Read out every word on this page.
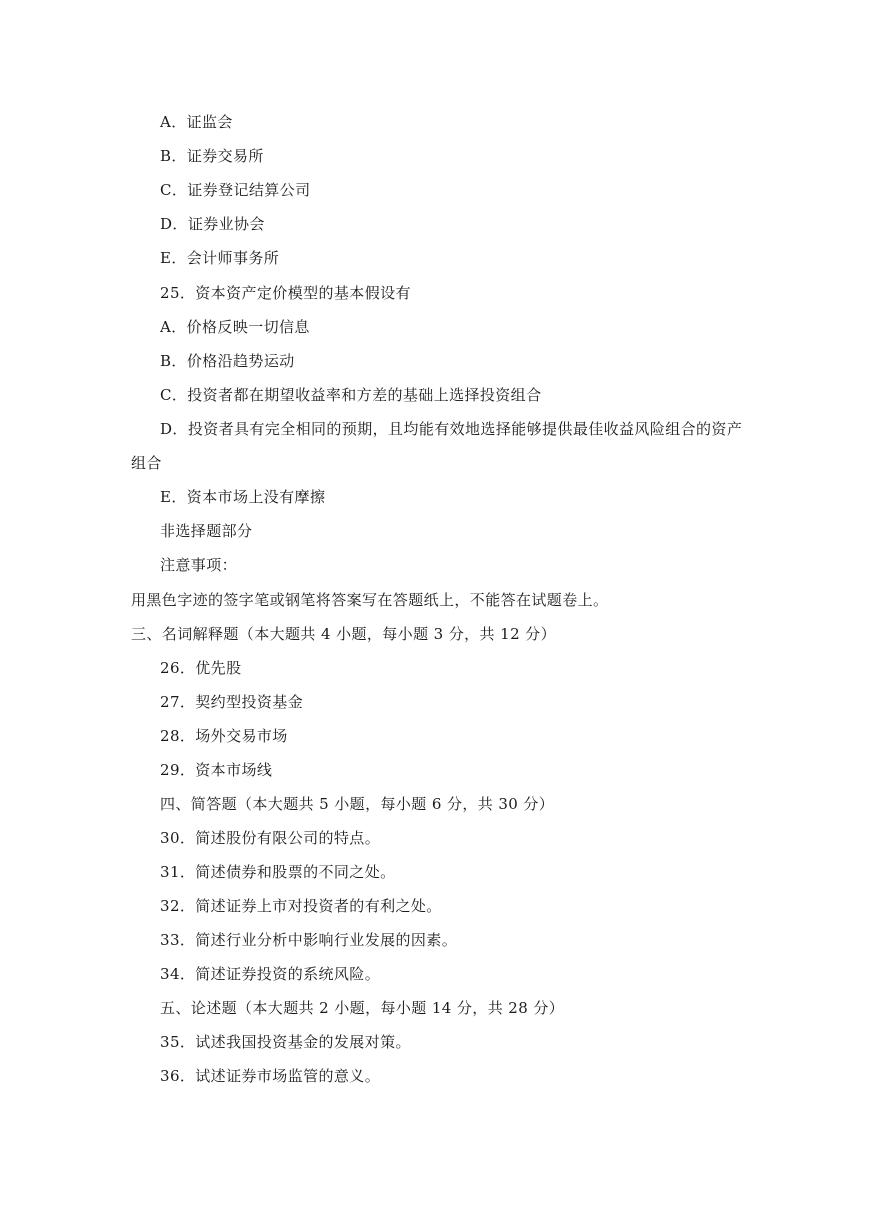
A．证监会
B．证券交易所
C．证券登记结算公司
D．证券业协会
E．会计师事务所
25．资本资产定价模型的基本假设有
A．价格反映一切信息
B．价格沿趋势运动
C．投资者都在期望收益率和方差的基础上选择投资组合
D．投资者具有完全相同的预期，且均能有效地选择能够提供最佳收益风险组合的资产
组合
E．资本市场上没有摩擦
非选择题部分
注意事项：
用黑色字迹的签字笔或钢笔将答案写在答题纸上，不能答在试题卷上。
三、名词解释题（本大题共 4 小题，每小题 3 分，共 12 分）
26．优先股
27．契约型投资基金
28．场外交易市场
29．资本市场线
四、简答题（本大题共 5 小题，每小题 6 分，共 30 分）
30．简述股份有限公司的特点。
31．简述债券和股票的不同之处。
32．简述证券上市对投资者的有利之处。
33．简述行业分析中影响行业发展的因素。
34．简述证券投资的系统风险。
五、论述题（本大题共 2 小题，每小题 14 分，共 28 分）
35．试述我国投资基金的发展对策。
36．试述证券市场监管的意义。
